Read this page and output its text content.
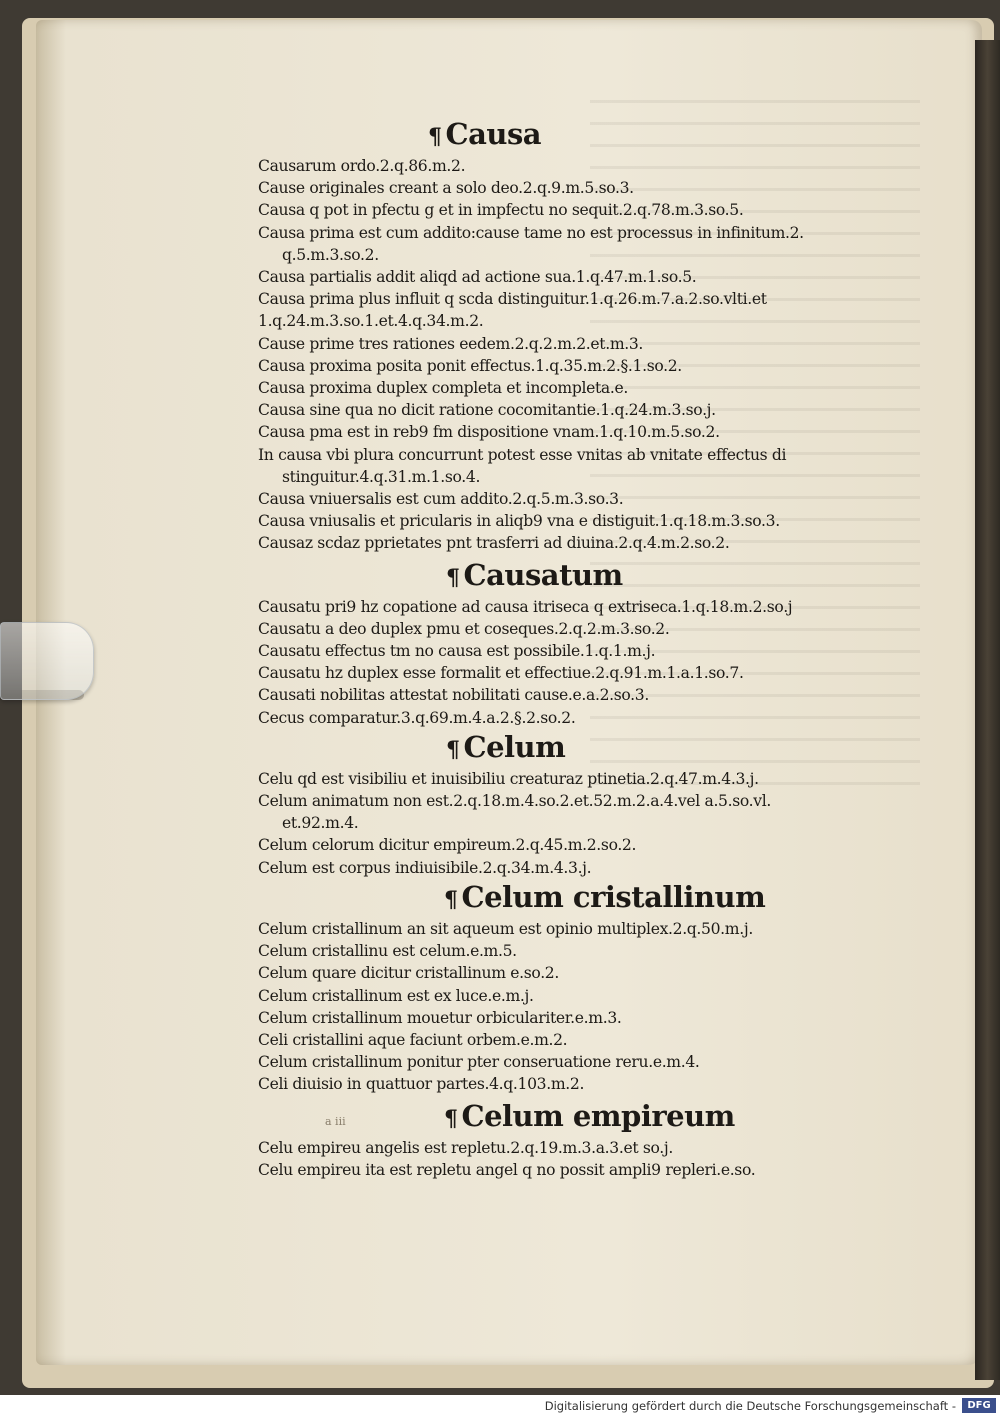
¶ Causa

Causarum ordo.2.q.86.m.2.

Cause originales creant a solo deo.2.q.9.m.5.so.3.

Causa q pot in pfectu g et in impfectu no sequit.2.q.78.m.3.so.5.

Causa prima est cum addito:cause tame no est processus in infinitum.2.

q.5.m.3.so.2.

Causa partialis addit aliqd ad actione sua.1.q.47.m.1.so.5.

Causa prima plus influit q scda distinguitur.1.q.26.m.7.a.2.so.vlti.et

1.q.24.m.3.so.1.et.4.q.34.m.2.

Cause prime tres rationes eedem.2.q.2.m.2.et.m.3.

Causa proxima posita ponit effectus.1.q.35.m.2.§.1.so.2.

Causa proxima duplex completa et incompleta.e.

Causa sine qua no dicit ratione cocomitantie.1.q.24.m.3.so.j.

Causa pma est in reb9 fm dispositione vnam.1.q.10.m.5.so.2.

In causa vbi plura concurrunt potest esse vnitas ab vnitate effectus di

stinguitur.4.q.31.m.1.so.4.

Causa vniuersalis est cum addito.2.q.5.m.3.so.3.

Causa vniusalis et pricularis in aliqb9 vna e distiguit.1.q.18.m.3.so.3.

Causaz scdaz pprietates pnt trasferri ad diuina.2.q.4.m.2.so.2.

¶ Causatum

Causatu pri9 hz copatione ad causa itriseca q extriseca.1.q.18.m.2.so.j

Causatu a deo duplex pmu et coseques.2.q.2.m.3.so.2.

Causatu effectus tm no causa est possibile.1.q.1.m.j.

Causatu hz duplex esse formalit et effectiue.2.q.91.m.1.a.1.so.7.

Causati nobilitas attestat nobilitati cause.e.a.2.so.3.

Cecus comparatur.3.q.69.m.4.a.2.§.2.so.2.

¶ Celum

Celu qd est visibiliu et inuisibiliu creaturaz ptinetia.2.q.47.m.4.3.j.

Celum animatum non est.2.q.18.m.4.so.2.et.52.m.2.a.4.vel a.5.so.vl.

et.92.m.4.

Celum celorum dicitur empireum.2.q.45.m.2.so.2.

Celum est corpus indiuisibile.2.q.34.m.4.3.j.

¶ Celum cristallinum

Celum cristallinum an sit aqueum est opinio multiplex.2.q.50.m.j.

Celum cristallinu est celum.e.m.5.

Celum quare dicitur cristallinum e.so.2.

Celum cristallinum est ex luce.e.m.j.

Celum cristallinum mouetur orbiculariter.e.m.3.

Celi cristallini aque faciunt orbem.e.m.2.

Celum cristallinum ponitur pter conseruatione reru.e.m.4.

Celi diuisio in quattuor partes.4.q.103.m.2.

¶ Celum empireum

Celu empireu angelis est repletu.2.q.19.m.3.a.3.et so.j.

Celu empireu ita est repletu angel q no possit ampli9 repleri.e.so.

a iii
Digitalisierung gefördert durch die Deutsche Forschungsgemeinschaft -	DFG
